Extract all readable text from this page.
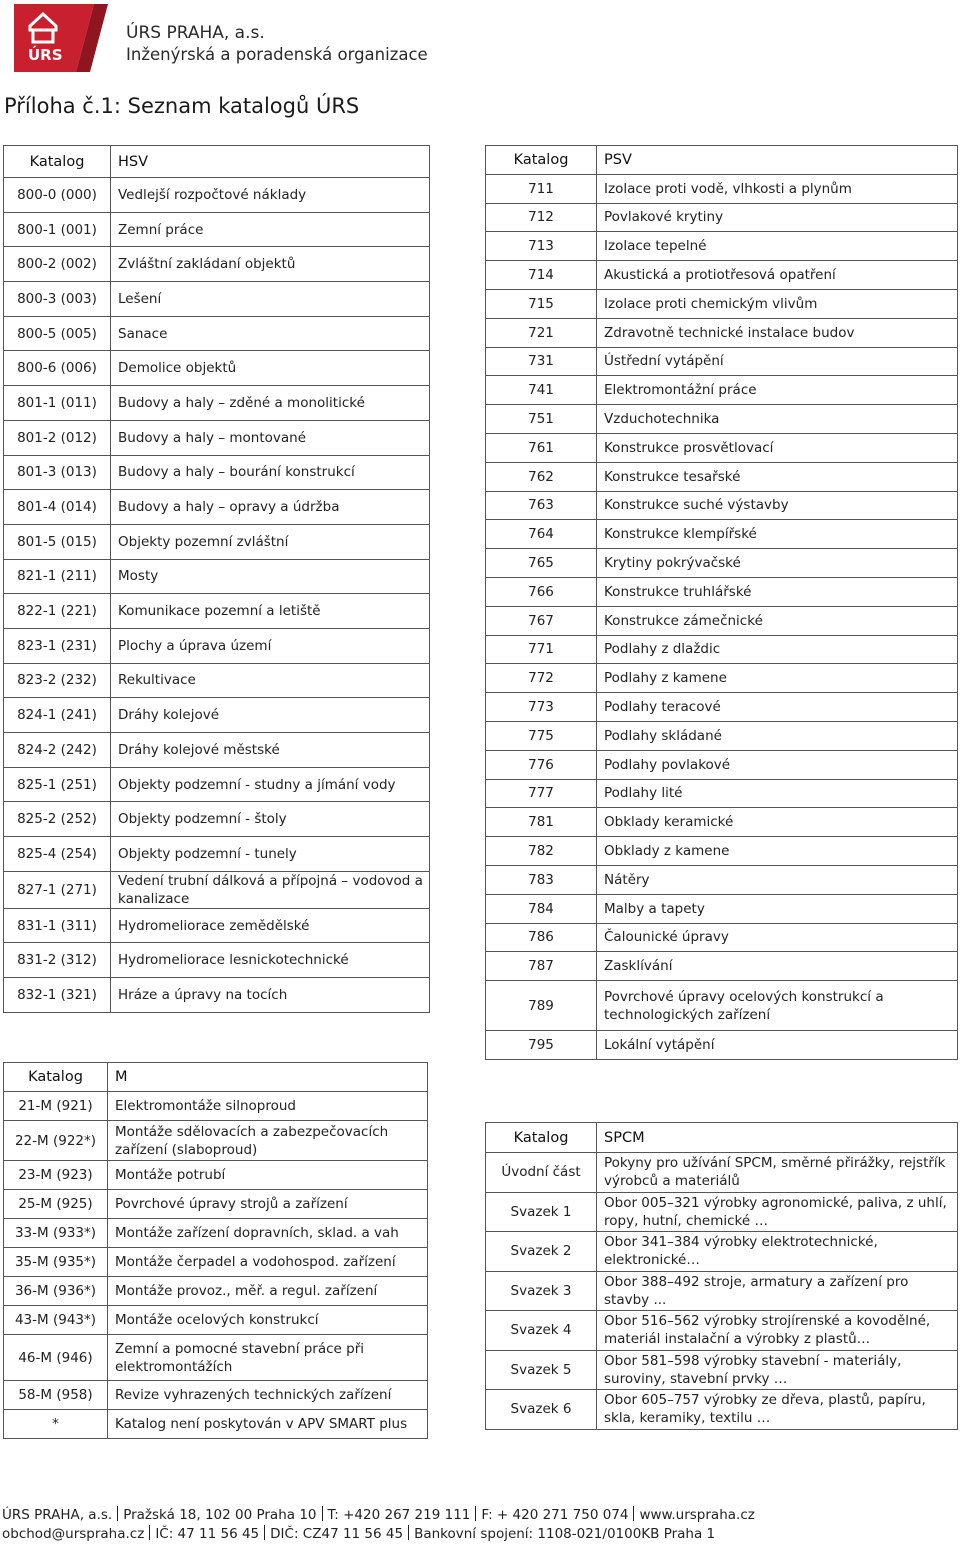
ÚRS
ÚRS PRAHA, a.s.
Inženýrská a poradenská organizace
Příloha č.1: Seznam katalogů ÚRS
Katalog	HSV
800-0 (000)	Vedlejší rozpočtové náklady
800-1 (001)	Zemní práce
800-2 (002)	Zvláštní zakládaní objektů
800-3 (003)	Lešení
800-5 (005)	Sanace
800-6 (006)	Demolice objektů
801-1 (011)	Budovy a haly – zděné a monolitické
801-2 (012)	Budovy a haly – montované
801-3 (013)	Budovy a haly – bourání konstrukcí
801-4 (014)	Budovy a haly – opravy a údržba
801-5 (015)	Objekty pozemní zvláštní
821-1 (211)	Mosty
822-1 (221)	Komunikace pozemní a letiště
823-1 (231)	Plochy a úprava území
823-2 (232)	Rekultivace
824-1 (241)	Dráhy kolejové
824-2 (242)	Dráhy kolejové městské
825-1 (251)	Objekty podzemní - studny a jímání vody
825-2 (252)	Objekty podzemní - štoly
825-4 (254)	Objekty podzemní - tunely
827-1 (271)	Vedení trubní dálková a přípojná – vodovod a kanalizace
831-1 (311)	Hydromeliorace zemědělské
831-2 (312)	Hydromeliorace lesnickotechnické
832-1 (321)	Hráze a úpravy na tocích
Katalog	PSV
711	Izolace proti vodě, vlhkosti a plynům
712	Povlakové krytiny
713	Izolace tepelné
714	Akustická a protiotřesová opatření
715	Izolace proti chemickým vlivům
721	Zdravotně technické instalace budov
731	Ústřední vytápění
741	Elektromontážní práce
751	Vzduchotechnika
761	Konstrukce prosvětlovací
762	Konstrukce tesařské
763	Konstrukce suché výstavby
764	Konstrukce klempířské
765	Krytiny pokrývačské
766	Konstrukce truhlářské
767	Konstrukce zámečnické
771	Podlahy z dlaždic
772	Podlahy z kamene
773	Podlahy teracové
775	Podlahy skládané
776	Podlahy povlakové
777	Podlahy lité
781	Obklady keramické
782	Obklady z kamene
783	Nátěry
784	Malby a tapety
786	Čalounické úpravy
787	Zasklívání
789	Povrchové úpravy ocelových konstrukcí a technologických zařízení
795	Lokální vytápění
Katalog	M
21-M (921)	Elektromontáže silnoproud
22-M (922*)	Montáže sdělovacích a zabezpečovacích zařízení (slaboproud)
23-M (923)	Montáže potrubí
25-M (925)	Povrchové úpravy strojů a zařízení
33-M (933*)	Montáže zařízení dopravních, sklad. a vah
35-M (935*)	Montáže čerpadel a vodohospod. zařízení
36-M (936*)	Montáže provoz., měř. a regul. zařízení
43-M (943*)	Montáže ocelových konstrukcí
46-M (946)	Zemní a pomocné stavební práce při elektromontážích
58-M (958)	Revize vyhrazených technických zařízení
*	Katalog není poskytován v APV SMART plus
Katalog	SPCM
Úvodní část	Pokyny pro užívání SPCM, směrné přirážky, rejstřík výrobců a materiálů
Svazek 1	Obor 005–321 výrobky agronomické, paliva, z uhlí, ropy, hutní, chemické …
Svazek 2	Obor 341–384 výrobky elektrotechnické, elektronické…
Svazek 3	Obor 388–492 stroje, armatury a zařízení pro stavby ...
Svazek 4	Obor 516–562 výrobky strojírenské a kovodělné, materiál instalační a výrobky z plastů…
Svazek 5	Obor 581–598 výrobky stavební - materiály, suroviny, stavební prvky …
Svazek 6	Obor 605–757 výrobky ze dřeva, plastů, papíru, skla, keramiky, textilu …
ÚRS PRAHA, a.s. Pražská 18, 102 00 Praha 10 T: +420 267 219 111 F: + 420 271 750 074 www.urspraha.cz
obchod@urspraha.cz IČ: 47 11 56 45 DIČ: CZ47 11 56 45 Bankovní spojení: 1108-021/0100KB Praha 1
